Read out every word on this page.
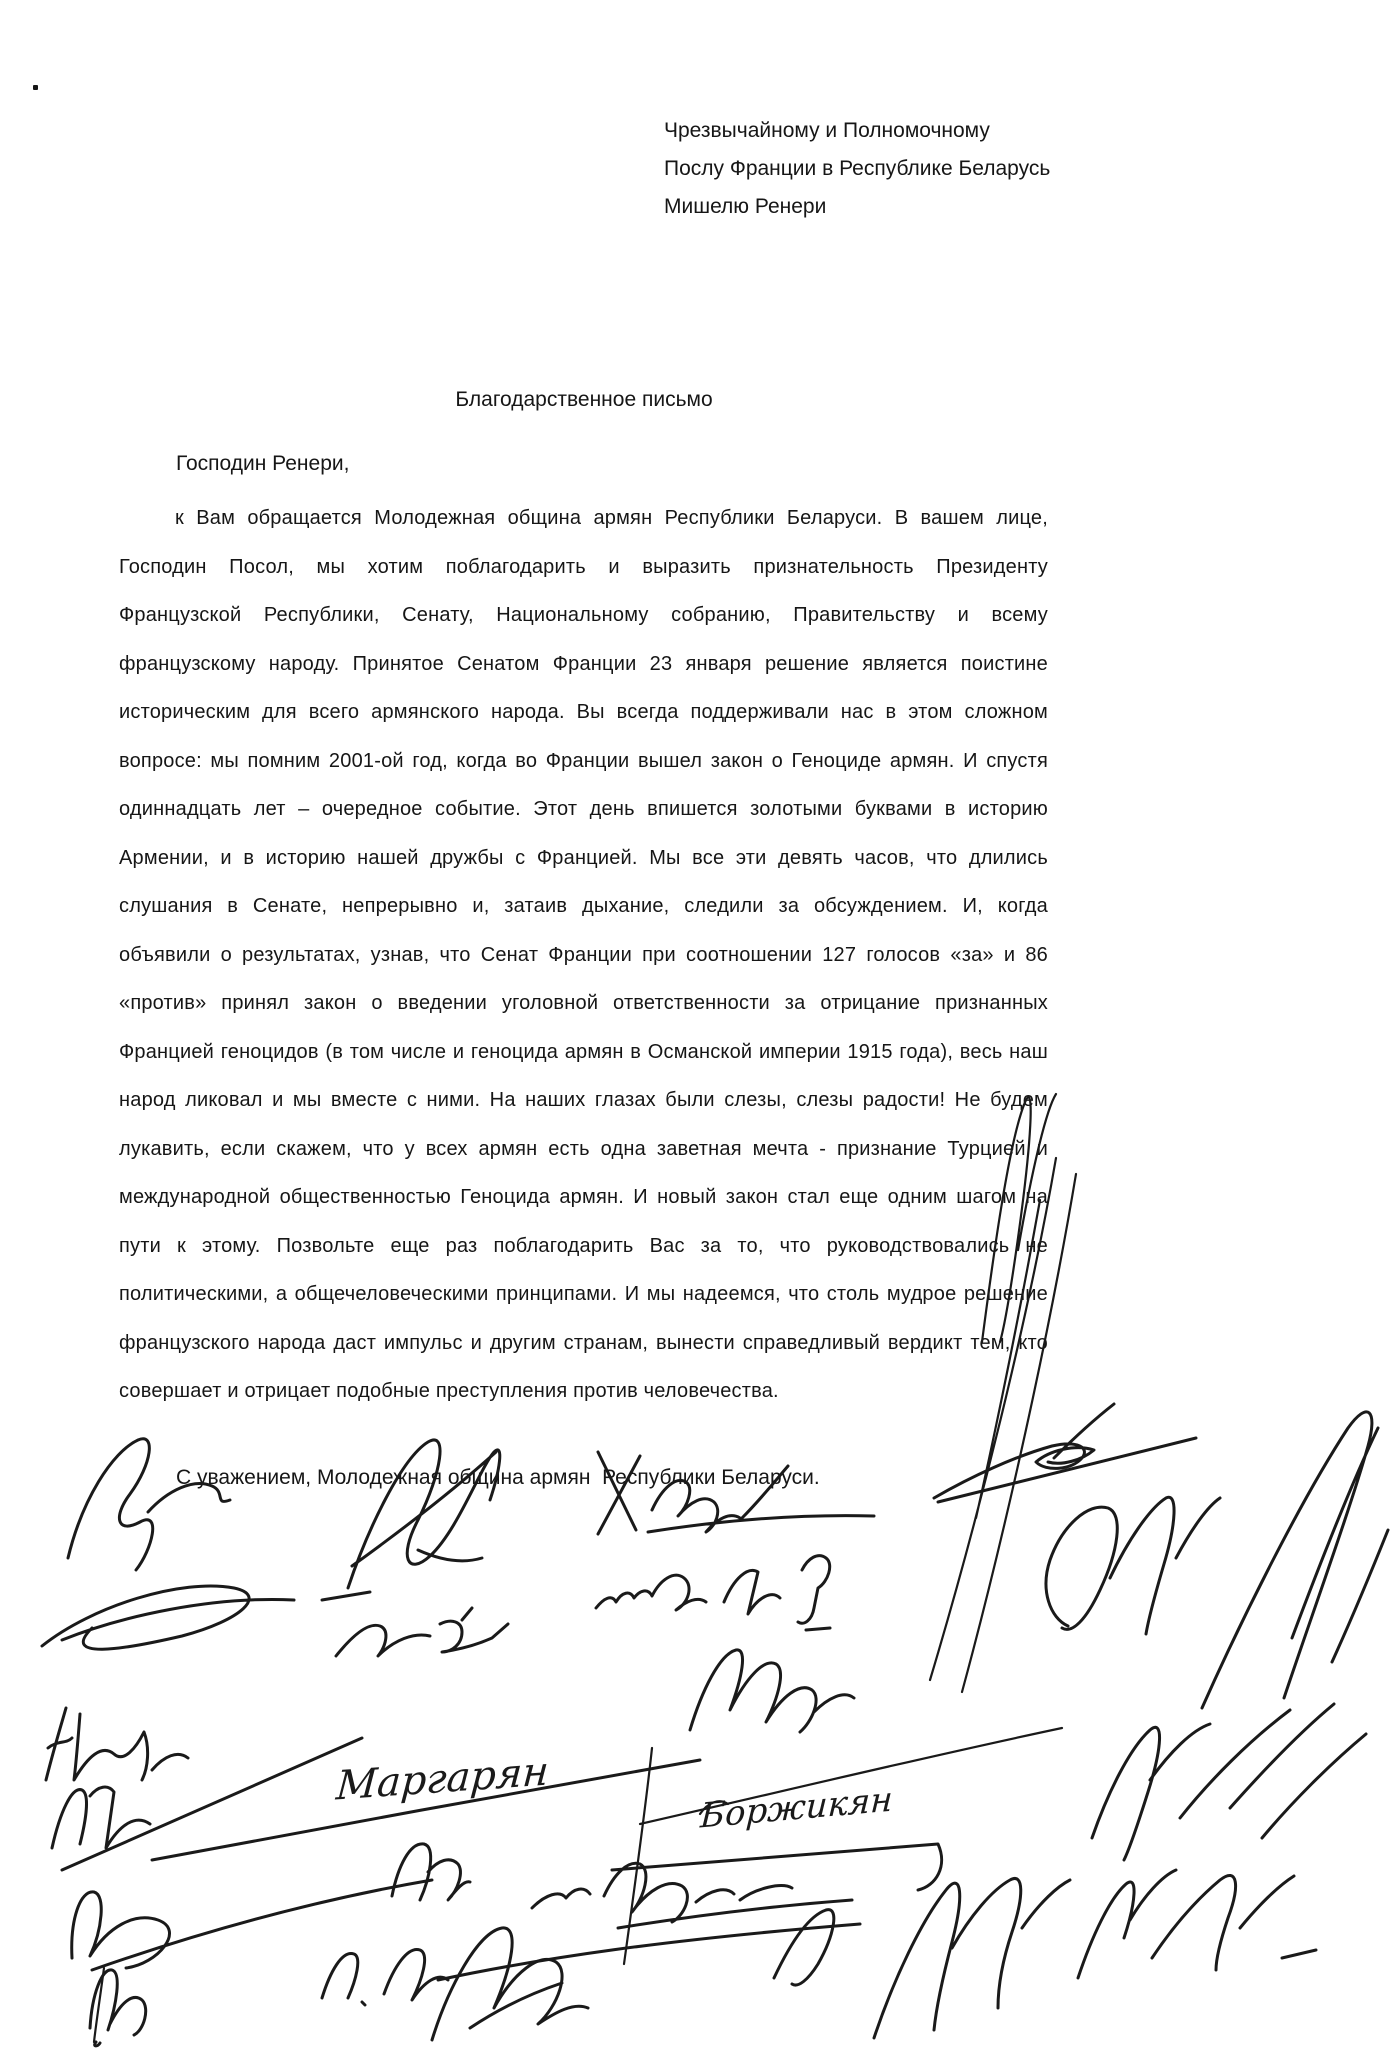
Чрезвычайному и Полномочному
Послу Франции в Республике Беларусь
Мишелю Ренери
Благодарственное письмо
Господин Ренери,
к Вам обращается Молодежная община армян Республики Беларуси. В вашем лице,
Господин Посол, мы хотим поблагодарить и выразить признательность Президенту
Французской Республики, Сенату, Национальному собранию, Правительству и всему
французскому народу. Принятое Сенатом Франции 23 января решение является поистине
историческим для всего армянского народа. Вы всегда поддерживали нас в этом сложном
вопросе: мы помним 2001-ой год, когда во Франции вышел закон о Геноциде армян. И спустя
одиннадцать лет – очередное событие. Этот день впишется золотыми буквами в историю
Армении, и в историю нашей дружбы с Францией. Мы все эти девять часов, что длились
слушания в Сенате, непрерывно и, затаив дыхание, следили за обсуждением. И, когда
объявили о результатах, узнав, что Сенат Франции при соотношении 127 голосов «за» и 86
«против» принял закон о введении уголовной ответственности за отрицание признанных
Францией геноцидов (в том числе и геноцида армян в Османской империи 1915 года), весь наш
народ ликовал и мы вместе с ними. На наших глазах были слезы, слезы радости! Не будем
лукавить, если скажем, что у всех армян есть одна заветная мечта - признание Турцией и
международной общественностью Геноцида армян. И новый закон стал еще одним шагом на
пути к этому. Позвольте еще раз поблагодарить Вас за то, что руководствовались не
политическими, а общечеловеческими принципами. И мы надеемся, что столь мудрое решение
французского народа даст импульс и другим странам, вынести справедливый вердикт тем, кто
совершает и отрицает подобные преступления против человечества.
С уважением, Молодежная община армян  Республики Беларуси.
Маргарян	Боржикян
